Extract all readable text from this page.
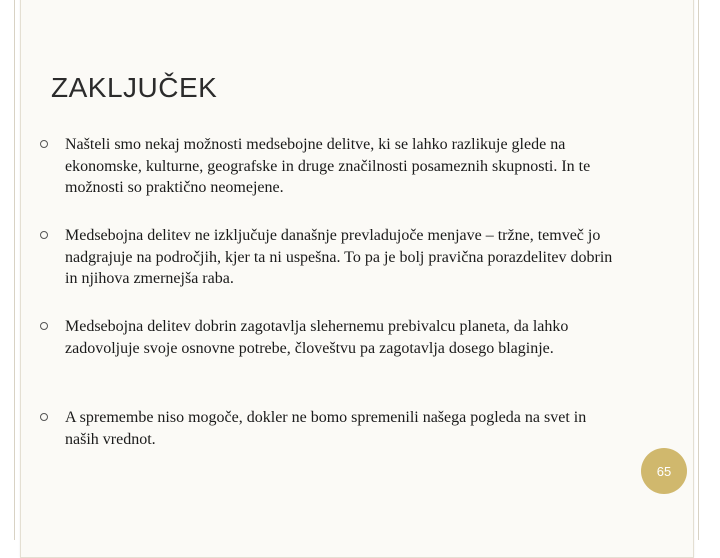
ZAKLJUČEK
Našteli smo nekaj možnosti medsebojne delitve, ki se lahko razlikuje glede na ekonomske, kulturne, geografske in druge značilnosti posameznih skupnosti. In te možnosti so praktično neomejene.
Medsebojna delitev ne izključuje današnje prevladujoče menjave – tržne, temveč jo nadgrajuje na področjih, kjer ta ni uspešna. To pa je bolj pravična porazdelitev dobrin in njihova zmernejša raba.
Medsebojna delitev dobrin zagotavlja slehernemu prebivalcu planeta, da lahko zadovoljuje svoje osnovne potrebe, človeštvu pa zagotavlja dosego blaginje.
A spremembe niso mogoče, dokler ne bomo spremenili našega pogleda na svet in naših vrednot.
65
